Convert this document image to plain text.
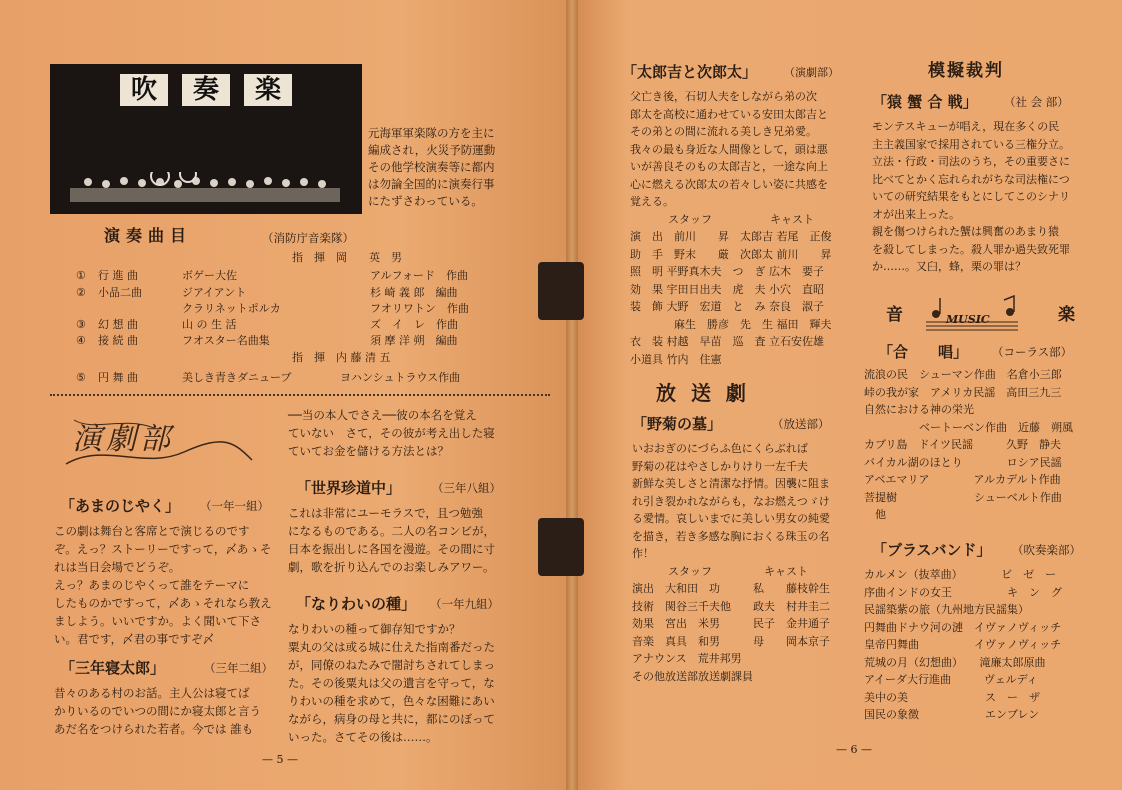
吹	奏	楽
元海軍軍楽隊の方を主に
編成され，火災予防運動
その他学校演奏等に都内
は勿論全国的に演奏行事
にたずさわっている。
演奏曲目	（消防庁音楽隊）
指　揮　岡　　英　男
① 行 進 曲	ボゲー大佐	アルフォード　作曲
② 小品二曲	ジアイアント	杉 崎 義 郎　編曲
クラリネットポルカ	フオリワトン　作曲
③ 幻 想 曲	山 の 生 活	ズ　イ　レ　作曲
④ 接 続 曲	フオスター名曲集	須 摩 洋 朔　編曲
指　揮　内 藤 清 五
⑤ 円 舞 曲	美しき青きダニューブ	ヨハンシュトラウス作曲
演劇部
「あまのじやく」 （一年一組）
この劇は舞台と客席とで演じるのです
ぞ。えっ？ストーリーですって，〆あゝそ
れは当日会場でどうぞ。
えっ？あまのじやくって誰をテーマに
したものかですって，〆あゝそれなら教え
ましよう。いいですか。よく聞いて下さ
い。君です，〆君の事ですぞ〆
「三年寝太郎」	（三年二組）
昔々のある村のお話。主人公は寝てば
かりいるのでいつの間にか寝太郎と言う
あだ名をつけられた若者。今では 誰も
──当の本人でさえ──彼の本名を覚え
ていない　さて，その彼が考え出した寝
ていてお金を儲ける方法とは？
「世界珍道中」	（三年八組）
これは非常にユーモラスで，且つ勉強
になるものである。二人の名コンビが，
日本を振出しに各国を漫遊。その間に寸
劇，歌を折り込んでのお楽しみアワー。
「なりわいの種」 （一年九組）
なりわいの種って御存知ですか？
粟丸の父は或る城に仕えた指南番だった
が，同僚のねたみで闇討ちされてしまっ
た。その後粟丸は父の遺言を守って，な
りわいの種を求めて，色々な困難にあい
ながら，病身の母と共に，都にのぼって
いった。さてその後は……。
— 5 —
「太郎吉と次郎太」 （演劇部）
父亡き後，石切人夫をしながら弟の次
郎太を高校に通わせている安田太郎吉と
その弟との間に流れる美しき兄弟愛。
我々の最も身近な人間像として，頭は悪
いが善良そのもの太郎吉と，一途な向上
心に燃える次郎太の若々しい姿に共感を
覚える。
スタッフ	キャスト
演　出　前川　　昇　太郎吉 若尾　正俊
助　手　野末　　厳　次郎太 前川　　昇
照　明 平野真木夫　つ　ぎ 広木　要子
効　果 宇田日出夫　虎　夫 小穴　直昭
装　飾 大野　宏道　と　み 奈良　淑子
　　　　麻生　勝彦　先　生 福田　輝夫
衣　装 村越　早苗　巡　査 立石安佐雄
小道具 竹内　住憲
放 送 劇
「野菊の墓」	（放送部）
いおおぎのにづらふ色にくらぶれば
野菊の花はやさしかりけり一左千夫
新鮮な美しさと清潔な抒情。因襲に阻ま
れ引き裂かれながらも，なお燃えつゞけ
る愛情。哀しいまでに美しい男女の純愛
を描き，若き多感な胸におくる珠玉の名
作！
スタッフ	キャスト
演出　大和田　功　　　私　　藤枝幹生
技術　関谷三千夫他　　政夫　村井圭二
効果　宮出　米男　　　民子　金井通子
音楽　真具　和男　　　母　　岡本京子
アナウンス　荒井邦男
その他放送部放送劇課員
模擬裁判
「猿 蟹 合 戦」 （社 会 部）
モンテスキューが唱え，現在多くの民
主主義国家で採用されている三権分立。
立法・行政・司法のうち，その重要さに
比べてとかく忘れられがちな司法権につ
いての研究結果をもとにしてこのシナリ
オが出来上った。
親を傷つけられた蟹は興奮のあまり猿
を殺してしまった。殺人罪か過失致死罪
か……。又臼，蜂，栗の罪は？
音	MUSIC	楽
「合　　唱」 （コーラス部）
流浪の民　シューマン作曲　名倉小三郎
峠の我が家　アメリカ民謡　高田三九三
自然における神の栄光
　　　　　ベートーベン作曲　近藤　朔風
カブリ島　ドイツ民謡　　　久野　静夫
バイカル湖のほとり　　　　ロシア民謡
アベエマリア　　　　アルカデルト作曲
菩提樹　　　　　　　シューベルト作曲
　他
「ブラスバンド」 （吹奏楽部）
カルメン（抜萃曲）　　　　ビ　ゼ　ー
序曲インドの女王　　　　　キ　ン　グ
民謡築紫の旅（九州地方民謡集）
円舞曲ドナウ河の漣　イヴァノヴィッチ
皇帝円舞曲　　　　　イヴァノヴィッチ
荒城の月（幻想曲）　　滝廉太郎原曲
アイーダ大行進曲　　　ヴェルディ
美中の美　　　　　　　ス　ー　ザ
国民の象徴　　　　　　エンブレン
— 6 —
